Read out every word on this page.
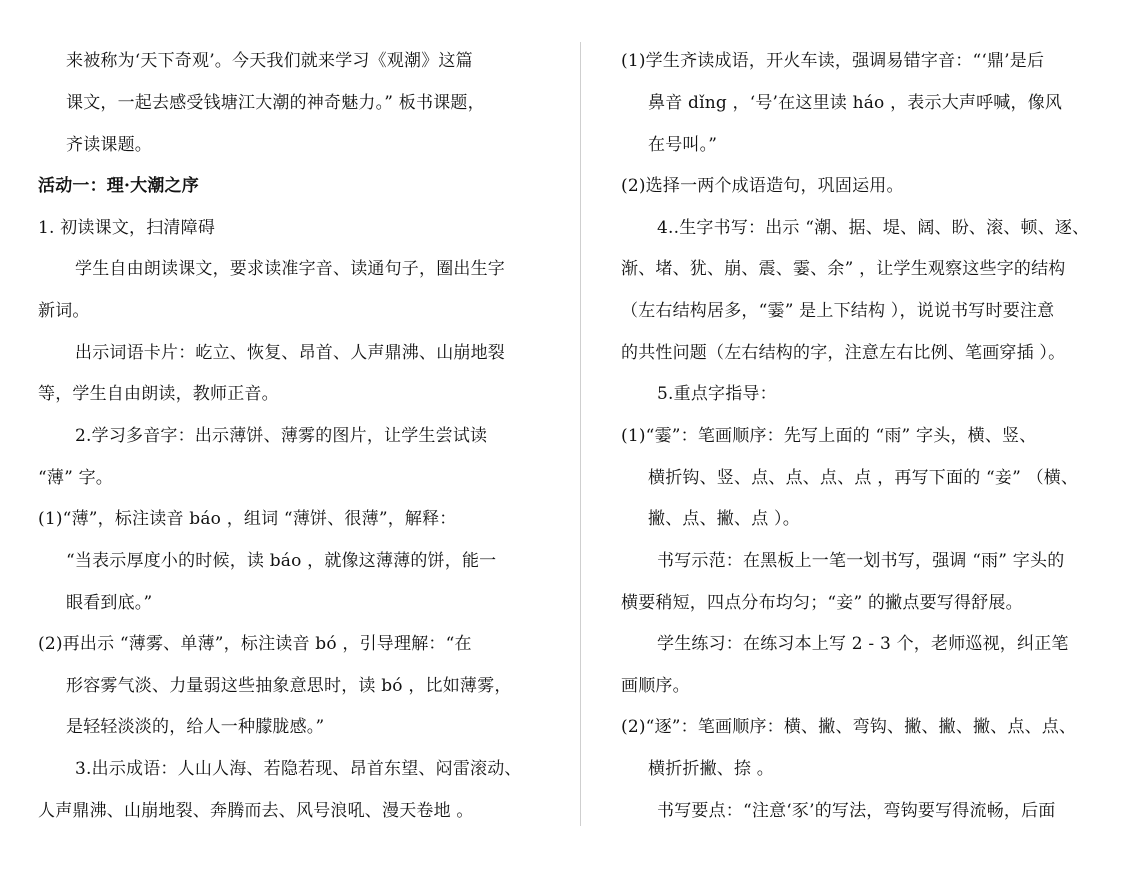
来被称为‘天下奇观’。今天我们就来学习《观潮》这篇
课文，一起去感受钱塘江大潮的神奇魅力。” 板书课题，
齐读课题。
活动一：理·大潮之序
1. 初读课文，扫清障碍
学生自由朗读课文，要求读准字音、读通句子，圈出生字
新词。
出示词语卡片：屹立、恢复、昂首、人声鼎沸、山崩地裂
等，学生自由朗读，教师正音。
2.学习多音字：出示薄饼、薄雾的图片，让学生尝试读
“薄” 字。
(1)“薄”，标注读音 báo ，组词 “薄饼、很薄”，解释：
“当表示厚度小的时候，读 báo ，就像这薄薄的饼，能一
眼看到底。”
(2)再出示 “薄雾、单薄”，标注读音 bó ，引导理解：“在
形容雾气淡、力量弱这些抽象意思时，读 bó ，比如薄雾，
是轻轻淡淡的，给人一种朦胧感。”
3.出示成语：人山人海、若隐若现、昂首东望、闷雷滚动、
人声鼎沸、山崩地裂、奔腾而去、风号浪吼、漫天卷地 。
(1)学生齐读成语，开火车读，强调易错字音：“‘鼎’是后
鼻音 dǐng ，‘号’在这里读 háo ，表示大声呼喊，像风
在号叫。”
(2)选择一两个成语造句，巩固运用。
4..生字书写：出示 “潮、据、堤、阔、盼、滚、顿、逐、
渐、堵、犹、崩、震、霎、余” ，让学生观察这些字的结构
（左右结构居多，“霎” 是上下结构 ），说说书写时要注意
的共性问题（左右结构的字，注意左右比例、笔画穿插 ）。
5.重点字指导：
(1)“霎”：笔画顺序：先写上面的 “雨” 字头，横、竖、
横折钩、竖、点、点、点、点 ，再写下面的 “妾” （横、
撇、点、撇、点 ）。
书写示范：在黑板上一笔一划书写，强调 “雨” 字头的
横要稍短，四点分布均匀；“妾” 的撇点要写得舒展。
学生练习：在练习本上写 2 - 3 个，老师巡视，纠正笔
画顺序。
(2)“逐”：笔画顺序：横、撇、弯钩、撇、撇、撇、点、点、
横折折撇、捺 。
书写要点：“注意‘豕’的写法，弯钩要写得流畅，后面
